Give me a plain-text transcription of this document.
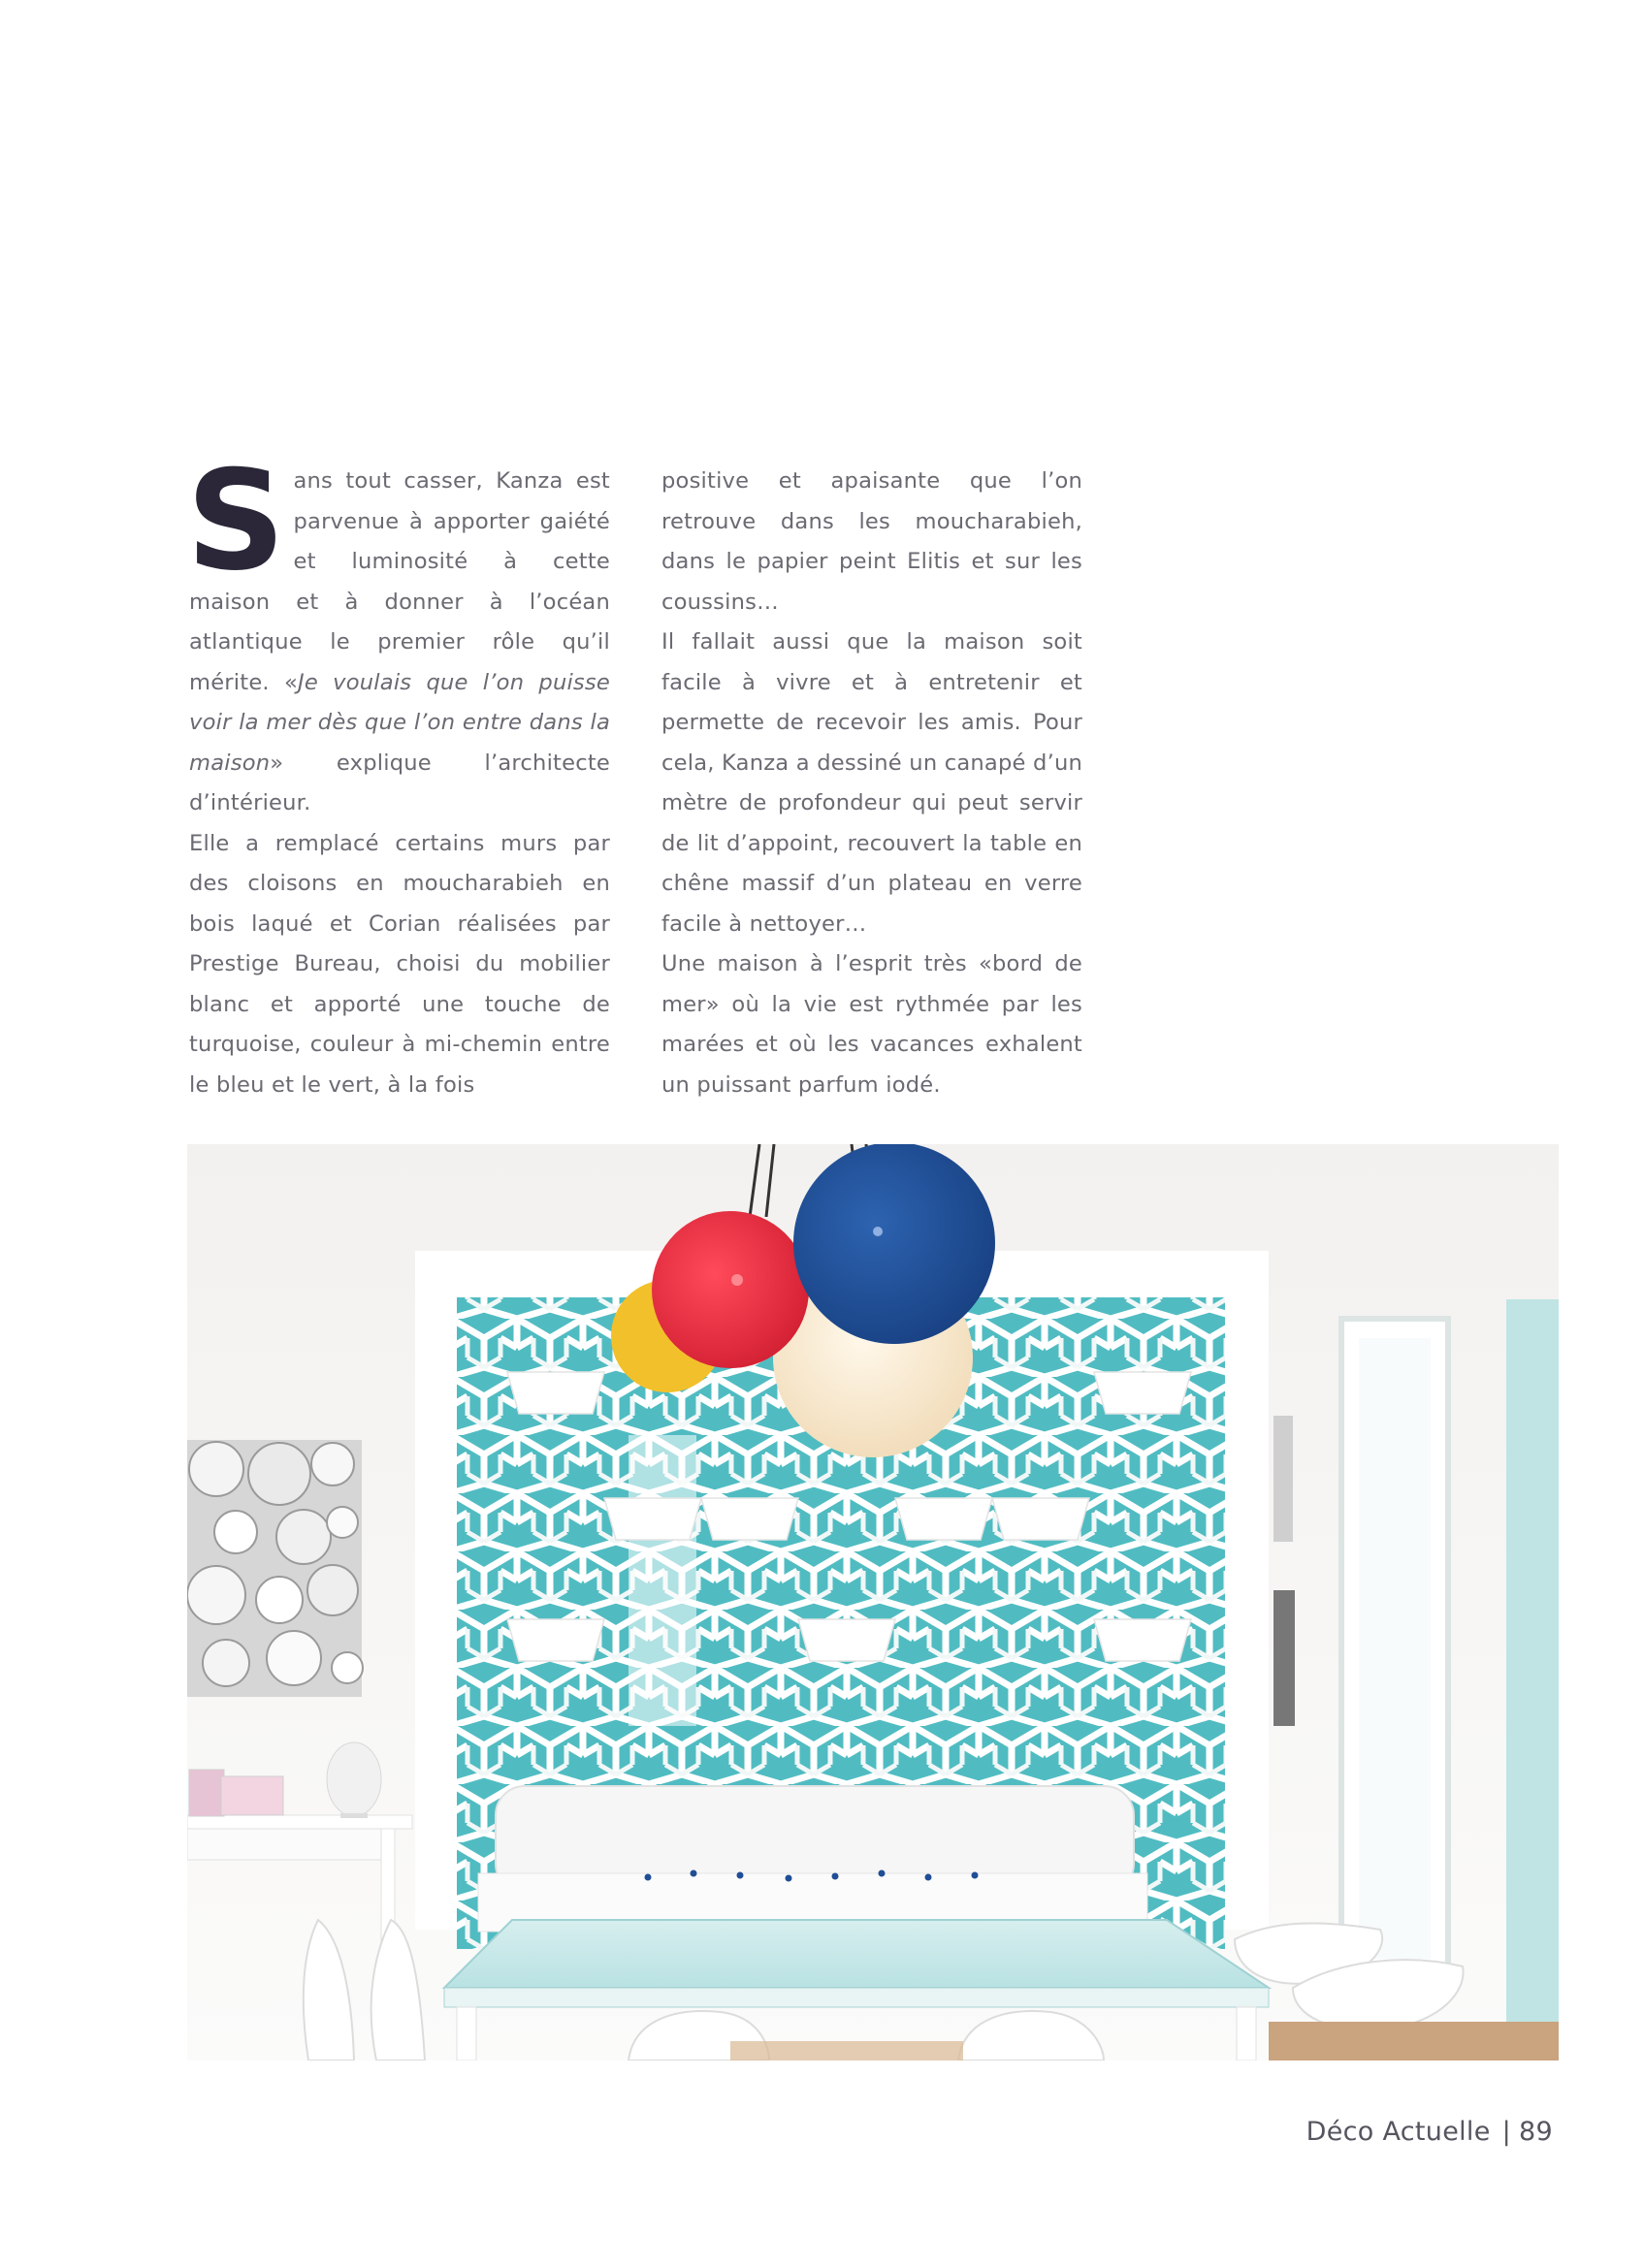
Sans tout casser, Kanza est parvenue à apporter gaiété et luminosité à cette maison et à donner à l’océan atlantique le premier rôle qu’il mérite. «Je voulais que l’on puisse voir la mer dès que l’on entre dans la maison» explique l’architecte d’intérieur.

Elle a remplacé certains murs par des cloisons en moucharabieh en bois laqué et Corian réalisées par Prestige Bureau, choisi du mobilier blanc et apporté une touche de turquoise, couleur à mi-chemin entre le bleu et le vert, à la fois

positive et apaisante que l’on retrouve dans les moucharabieh, dans le papier peint Elitis et sur les coussins…

Il fallait aussi que la maison soit facile à vivre et à entretenir et permette de recevoir les amis. Pour cela, Kanza a dessiné un canapé d’un mètre de profondeur qui peut servir de lit d’appoint, recouvert la table en chêne massif d’un plateau en verre facile à nettoyer…

Une maison à l’esprit très «bord de mer» où la vie est rythmée par les marées et où les vacances exhalent un puissant parfum iodé.

Déco Actuelle | 89
